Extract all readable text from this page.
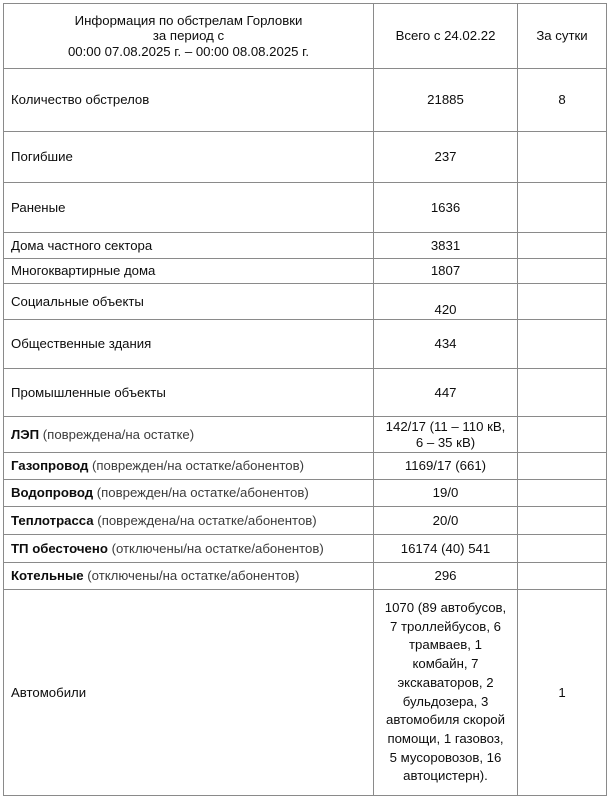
Информация по обстрелам Горловки
за период с
00:00 07.08.2025 г. – 00:00 08.08.2025 г.	Всего с 24.02.22	За сутки
Количество обстрелов	21885	8
Погибшие	237	
Раненые	1636	
Дома частного сектора	3831	
Многоквартирные дома	1807	
Социальные объекты	420	
Общественные здания	434	
Промышленные объекты	447	
ЛЭП (повреждена/на остатке)	142/17 (11 – 110 кВ, 6 – 35 кВ)	
Газопровод (поврежден/на остатке/абонентов)	1169/17 (661)	
Водопровод (поврежден/на остатке/абонентов)	19/0	
Теплотрасса (повреждена/на остатке/абонентов)	20/0	
ТП обесточено (отключены/на остатке/абонентов)	16174 (40) 541	
Котельные (отключены/на остатке/абонентов)	296	
Автомобили	1070 (89 автобусов, 7 троллейбусов, 6 трамваев, 1 комбайн, 7 экскаваторов, 2 бульдозера, 3 автомобиля скорой помощи, 1 газовоз, 5 мусоровозов, 16 автоцистерн).	1
